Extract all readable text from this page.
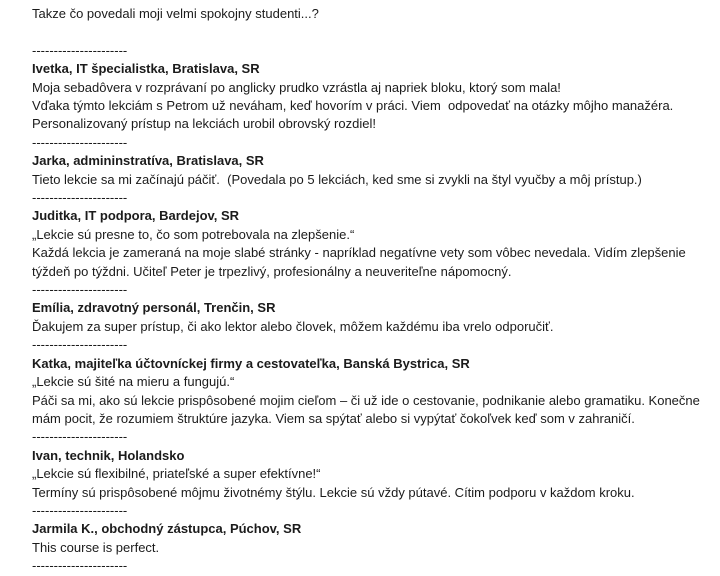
Takze čo povedali moji velmi spokojny studenti...?

----------------------

Ivetka, IT špecialistka, Bratislava, SR

Moja sebadôvera v rozprávaní po anglicky prudko vzrástla aj napriek bloku, ktorý som mala!

Vďaka týmto lekciám s Petrom už neváham, keď hovorím v práci. Viem  odpovedať na otázky môjho manažéra.

Personalizovaný prístup na lekciách urobil obrovský rozdiel!

----------------------

Jarka, admininstratíva, Bratislava, SR

Tieto lekcie sa mi začínajú páčiť.  (Povedala po 5 lekciách, ked sme si zvykli na štyl vyučby a môj prístup.)

----------------------

Juditka, IT podpora, Bardejov, SR

„Lekcie sú presne to, čo som potrebovala na zlepšenie.“

Každá lekcia je zameraná na moje slabé stránky - napríklad negatívne vety som vôbec nevedala. Vidím zlepšenie týždeň po týždni. Učiteľ Peter je trpezlivý, profesionálny a neuveriteľne nápomocný.

----------------------

Emília, zdravotný personál, Trenčin, SR

Ďakujem za super prístup, či ako lektor alebo človek, môžem každému iba vrelo odporučiť.

----------------------

Katka, majiteľka účtovníckej firmy a cestovateľka, Banská Bystrica, SR

„Lekcie sú šité na mieru a fungujú.“

Páči sa mi, ako sú lekcie prispôsobené mojim cieľom – či už ide o cestovanie, podnikanie alebo gramatiku. Konečne mám pocit, že rozumiem štruktúre jazyka. Viem sa spýtať alebo si vypýtať čokoľvek keď som v zahraničí.

----------------------

Ivan, technik, Holandsko

„Lekcie sú flexibilné, priateľské a super efektívne!“

Termíny sú prispôsobené môjmu životnémy štýlu. Lekcie sú vždy pútavé. Cítim podporu v každom kroku.

----------------------

Jarmila K., obchodný zástupca, Púchov, SR

This course is perfect.

----------------------
